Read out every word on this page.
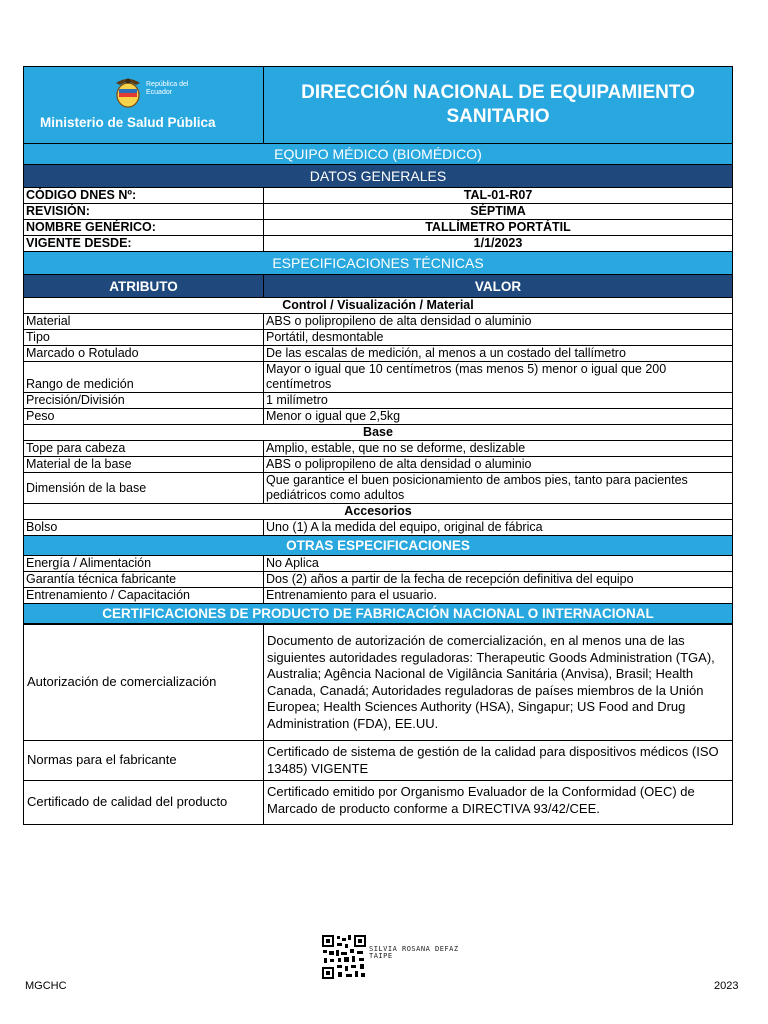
República del Ecuador
Ministerio de Salud Pública	DIRECCIÓN NACIONAL DE EQUIPAMIENTO SANITARIO
EQUIPO MÉDICO (BIOMÉDICO)	
DATOS GENERALES	
CÓDIGO DNES Nº:	TAL-01-R07
REVISIÓN:	SÉPTIMA
NOMBRE GENÉRICO:	TALLÍMETRO PORTÁTIL
VIGENTE DESDE:	1/1/2023
ESPECIFICACIONES TÉCNICAS	
ATRIBUTO	VALOR
Control / Visualización / Material	
Material	ABS o polipropileno de alta densidad o aluminio
Tipo	Portátil, desmontable
Marcado o Rotulado	De las escalas de medición, al menos a un costado del tallímetro
Rango de medición	Mayor o igual que 10 centímetros (mas menos 5) menor o igual que 200 centímetros
Precisión/División	1 milímetro
Peso	Menor o igual que 2,5kg
Base	
Tope para cabeza	Amplio, estable, que no se deforme, deslizable
Material de la base	ABS o polipropileno de alta densidad o aluminio
Dimensión de la base	Que garantice el buen posicionamiento de ambos pies, tanto para pacientes pediátricos como adultos
Accesorios	
Bolso	Uno (1) A la medida del equipo, original de fábrica
OTRAS ESPECIFICACIONES	
Energía / Alimentación	No Aplica
Garantía técnica fabricante	Dos (2) años a partir de la fecha de recepción definitiva del equipo
Entrenamiento / Capacitación	Entrenamiento para el usuario.
CERTIFICACIONES DE PRODUCTO DE FABRICACIÓN NACIONAL O INTERNACIONAL	
Autorización de comercialización	Documento de autorización de comercialización, en al menos una de las siguientes autoridades reguladoras: Therapeutic Goods Administration (TGA), Australia; Agência Nacional de Vigilância Sanitária (Anvisa), Brasil; Health Canada, Canadá; Autoridades reguladoras de países miembros de la Unión Europea; Health Sciences Authority (HSA), Singapur; US Food and Drug Administration (FDA), EE.UU.
Normas para el fabricante	Certificado de sistema de gestión de la calidad para dispositivos médicos (ISO 13485) VIGENTE
Certificado de calidad del producto	Certificado emitido por Organismo Evaluador de la Conformidad (OEC) de Marcado de producto conforme a DIRECTIVA 93/42/CEE.
SILVIA ROSANA DEFAZ
TAIPE
MGCHC	2023
